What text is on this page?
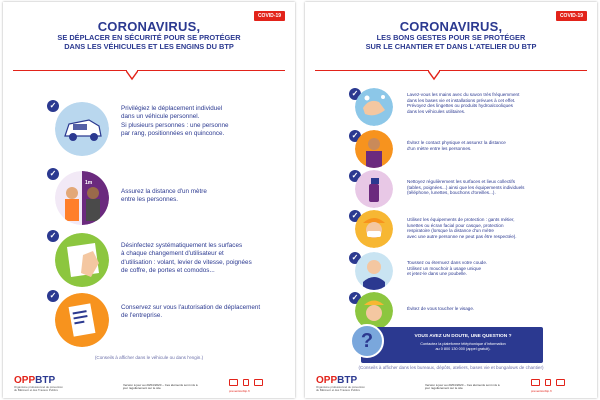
COVID-19
CORONAVIRUS,
SE DÉPLACER EN SÉCURITÉ POUR SE PROTÉGER
DANS LES VÉHICULES ET LES ENGINS DU BTP
✓	Privilégiez le déplacement individuel
dans un véhicule personnel.
Si plusieurs personnes : une personne
par rang, positionnées en quinconce.
✓
1m
Assurez la distance d'un mètre
entre les personnes.
✓
Désinfectez systématiquement les surfaces
à chaque changement d'utilisateur et
d'utilisation : volant, levier de vitesse, poignées
de coffre, de portes et comodos...
✓
Conservez sur vous l'autorisation de déplacement
de l'entreprise.
(Conseils à afficher dans le véhicule ou dans l'engin.)
OPPBTP
Organisme professionnel de prévention du Bâtiment et des Travaux Publics
Version à jour au 20/04/2020 – Ces éléments sont mis à jour régulièrement sur le site
preventionbtp.fr
COVID-19
CORONAVIRUS,
LES BONS GESTES POUR SE PROTÉGER
SUR LE CHANTIER ET DANS L'ATELIER DU BTP
✓	Lavez-vous les mains avec du savon très fréquemment
dans les bases vie et installations prévues à cet effet.
Prévoyez des lingettes ou produits hydroalcooliques
dans les véhicules utilitaires.
✓
Évitez le contact physique et assurez la distance
d'un mètre entre les personnes.
✓
Nettoyez régulièrement les surfaces et lieux collectifs
(tables, poignées...) ainsi que les équipements individuels
(téléphone, lunettes, bouchons d'oreilles...).
✓	Utilisez les équipements de protection : gants métier,
lunettes ou écran facial pour casque, protection
respiratoire (lorsque la distance d'un mètre
avec une autre personne ne peut pas être respectée).
✓
Toussez ou éternuez dans votre coude.
Utilisez un mouchoir à usage unique
et jetez-le dans une poubelle.
✓
Évitez de vous toucher le visage.
?	VOUS AVEZ UN DOUTE, UNE QUESTION ?
Contactez la plateforme téléphonique d'information
au 0 800 130 000 (appel gratuit).
(Conseils à afficher dans les bureaux, dépôts, ateliers, bases vie et bungalows de chantier)
OPPBTP
Organisme professionnel de prévention du Bâtiment et des Travaux Publics
Version à jour au 20/04/2020 – Ces éléments sont mis à jour régulièrement sur le site
preventionbtp.fr
